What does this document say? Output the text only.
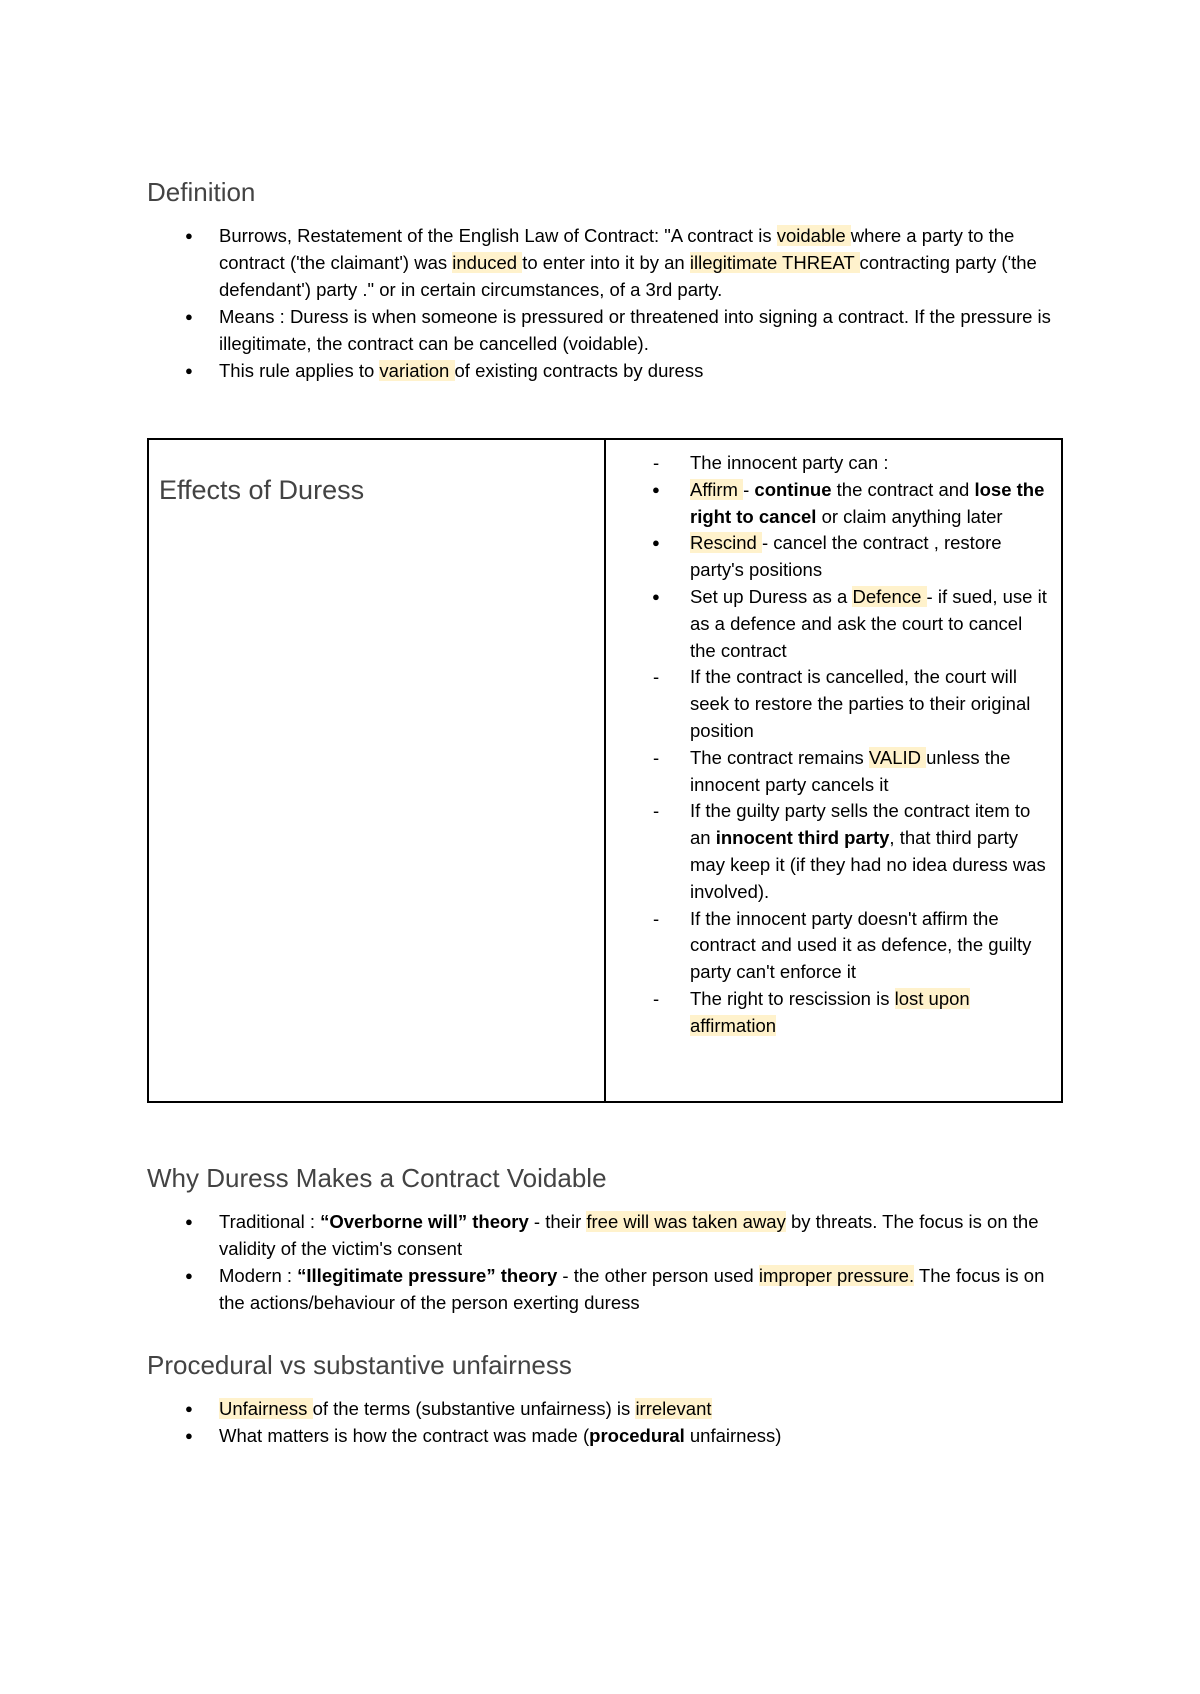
Definition
● Burrows, Restatement of the English Law of Contract: "A contract is voidable where a party to the contract ('the claimant') was induced to enter into it by an illegitimate THREAT contracting party ('the defendant') party ." or in certain circumstances, of a 3rd party.
● Means : Duress is when someone is pressured or threatened into signing a contract. If the pressure is illegitimate, the contract can be cancelled (voidable).
● This rule applies to variation of existing contracts by duress
Effects of Duress
- The innocent party can :
● Affirm - continue the contract and lose the right to cancel or claim anything later
● Rescind - cancel the contract , restore party's positions
● Set up Duress as a Defence - if sued, use it as a defence and ask the court to cancel the contract
- If the contract is cancelled, the court will seek to restore the parties to their original position
- The contract remains VALID unless the innocent party cancels it
- If the guilty party sells the contract item to an innocent third party, that third party may keep it (if they had no idea duress was involved).
- If the innocent party doesn't affirm the contract and used it as defence, the guilty party can't enforce it
- The right to rescission is lost upon affirmation
Why Duress Makes a Contract Voidable
● Traditional : “Overborne will” theory - their free will was taken away by threats. The focus is on the validity of the victim's consent
● Modern : “Illegitimate pressure” theory - the other person used improper pressure. The focus is on the actions/behaviour of the person exerting duress
Procedural vs substantive unfairness
● Unfairness of the terms (substantive unfairness) is irrelevant
● What matters is how the contract was made (procedural unfairness)
